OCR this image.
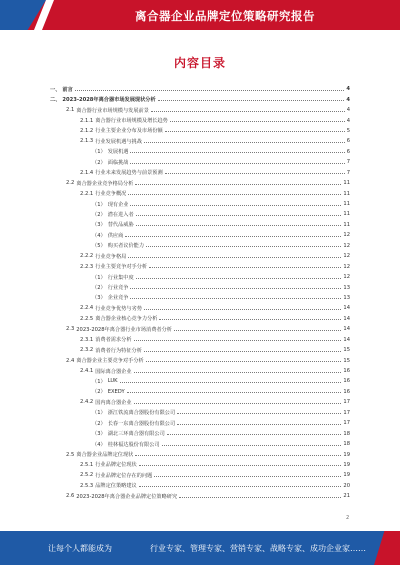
离合器企业品牌定位策略研究报告
内容目录
一、 前言	4
二、 2023-2028年离合器市场发展现状分析	4
2.1 离合器行业市场规模与发展前景	4
2.1.1 离合器行业市场规模及增长趋势	4
2.1.2 行业主要企业分布及市场份额	5
2.1.3 行业发展机遇与挑战	6
（1） 发展机遇	6
（2） 面临挑战	7
2.1.4 行业未来发展趋势与前景预测	7
2.2 离合器企业竞争格局分析	11
2.2.1 行业竞争概况	11
（1） 现有企业	11
（2） 潜在进入者	11
（3） 替代品威胁	11
（4） 供应商	12
（5） 购买者议价能力	12
2.2.2 行业竞争格局	12
2.2.3 行业主要竞争对手分析	12
（1） 行业集中度	12
（2） 行业竞争	13
（3） 企业竞争	13
2.2.4 行业竞争优势与劣势	14
2.2.5 离合器企业核心竞争力分析	14
2.3 2023-2028年离合器行业市场消费者分析	14
2.3.1 消费者需求分析	14
2.3.2 消费者行为特征分析	15
2.4 离合器企业主要竞争对手分析	15
2.4.1 国际离合器企业	16
（1） LUK	16
（2） EXEDY	16
2.4.2 国内离合器企业	17
（1） 浙江铁流离合器股份有限公司	17
（2） 长春一东离合器股份有限公司	17
（3） 湖北三环离合器有限公司	18
（4） 桂林福达股份有限公司	18
2.5 离合器企业品牌定位现状	19
2.5.1 行业品牌定位现状	19
2.5.2 行业品牌定位存在的问题	19
2.5.3 品牌定位策略建议	20
2.6 2023-2028年离合器企业品牌定位策略研究	21
2
让每个人都能成为	行业专家、管理专家、营销专家、战略专家、成功企业家……
